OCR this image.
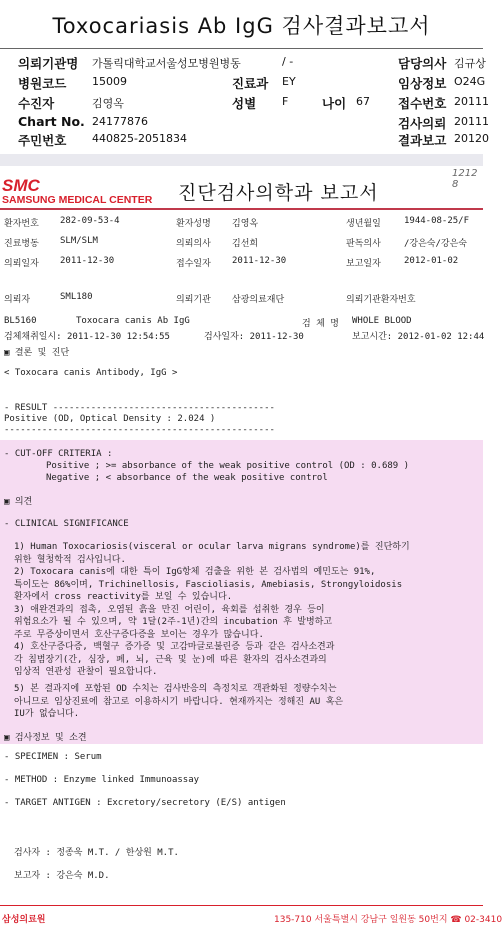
Toxocariasis Ab IgG 검사결과보고서
의뢰기관명 가톨릭대학교서울성모병원병동	/ -	담당의사 김규상
병원코드 15009	진료과 EY	임상정보 O24G
수진자	김영옥	성별 F	나이 67 접수번호 20111
Chart No. 24177876	검사의뢰 20111
주민번호 440825-2051834	결과보고 20120
SMC
SAMSUNG MEDICAL CENTER 진단검사의학과 보고서
1212 8
환자번호 282-09-53-4	환자성명 김영옥	생년월일	1944-08-25/F
진료병동 SLM/SLM	의뢰의사 김선희	판독의사	/강은숙/강은숙
의뢰일자 2011-12-30	접수일자 2011-12-30	보고일자	2012-01-02
의뢰자	SML180	의뢰기관 삼광의료재단	의뢰기관환자번호
BL5160	Toxocara canis Ab IgG	검 체 명 WHOLE BLOOD
검체채취일시: 2011-12-30 12:54:55	검사일자: 2011-12-30	보고시간: 2012-01-02 12:44
▣ 결론 및 진단
< Toxocara canis Antibody, IgG >
- RESULT -----------------------------------------
Positive (OD, Optical Density : 2.024 )
--------------------------------------------------
- CUT-OFF CRITERIA :
Positive ; >= absorbance of the weak positive control (OD : 0.689 )
Negative ; < absorbance of the weak positive control
▣ 의견
- CLINICAL SIGNIFICANCE

1) Human Toxocariosis(visceral or ocular larva migrans syndrome)를 진단하기

위한 혈청학적 검사입니다.

2) Toxocara canis에 대한 특이 IgG항체 검출을 위한 본 검사법의 예민도는 91%,

특이도는 86%이며, Trichinellosis, Fascioliasis, Amebiasis, Strongyloidosis

환자에서 cross reactivity를 보일 수 있습니다.

3) 애완견과의 접촉, 오염된 흙을 만진 어린이, 육회를 섭취한 경우 등이

위험요소가 될 수 있으며, 약 1달(2주-1년)간의 incubation 후 발병하고

주로 무증상이면서 호산구증다증을 보이는 경우가 많습니다.

4) 호산구증다증, 백혈구 증가증 및 고감마글로불린증 등과 같은 검사소견과

각 침범장기(간, 심장, 폐, 뇌, 근육 및 눈)에 따른 환자의 검사소견과의

임상적 연관성 관찰이 필요합니다.

5) 본 결과지에 포함된 OD 수치는 검사반응의 측정치로 객관화된 정량수치는

아니므로 임상진료에 참고로 이용하시기 바랍니다. 현재까지는 정해진 AU 혹은

IU가 없습니다.

▣ 검사정보 및 소견
- SPECIMEN : Serum
- METHOD : Enzyme linked Immunoassay
- TARGET ANTIGEN : Excretory/secretory (E/S) antigen
검사자 : 정종욱 M.T. / 한상원 M.T.
보고자 : 강은숙 M.D.
삼성의료원	135-710 서울특별시 강남구 일원동 50번지 ☎ 02-3410
